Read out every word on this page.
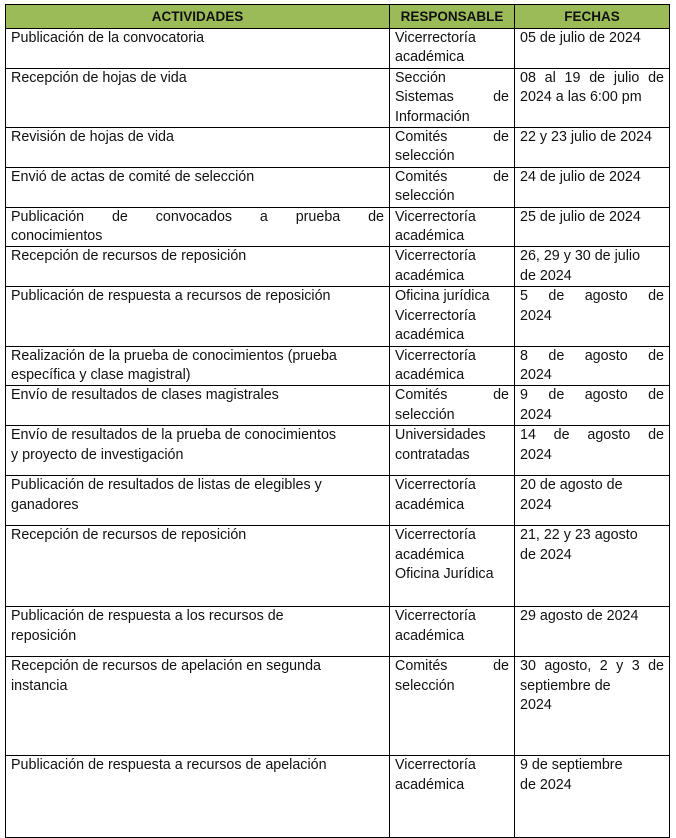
ACTIVIDADES	RESPONSABLE	FECHAS

Publicación de la convocatoria	Vicerrectoría
académica	05 de julio de 2024

Recepción de hojas de vida	Sección
Sistemas de
Información	08 al 19 de julio de
2024 a las 6:00 pm

Revisión de hojas de vida	Comités de
selección	22 y 23 julio de 2024

Envió de actas de comité de selección	Comités de
selección	24 de julio de 2024

Publicación de convocados a prueba de
conocimientos	Vicerrectoría
académica	25 de julio de 2024

Recepción de recursos de reposición	Vicerrectoría
académica	26, 29 y 30 de julio
de 2024

Publicación de respuesta a recursos de reposición	Oficina jurídica
Vicerrectoría
académica	5 de agosto de
2024

Realización de la prueba de conocimientos (prueba
específica y clase magistral)	Vicerrectoría
académica	8 de agosto de
2024

Envío de resultados de clases magistrales	Comités de
selección	9 de agosto de
2024

Envío de resultados de la prueba de conocimientos
y proyecto de investigación	Universidades
contratadas	14 de agosto de
2024

Publicación de resultados de listas de elegibles y
ganadores	Vicerrectoría
académica	20 de agosto de
2024

Recepción de recursos de reposición	Vicerrectoría
académica
Oficina Jurídica	21, 22 y 23 agosto
de 2024

Publicación de respuesta a los recursos de
reposición	Vicerrectoría
académica	29 agosto de 2024

Recepción de recursos de apelación en segunda
instancia	Comités de
selección	30 agosto, 2 y 3 de
septiembre de
2024

Publicación de respuesta a recursos de apelación	Vicerrectoría
académica	9 de septiembre
de 2024
